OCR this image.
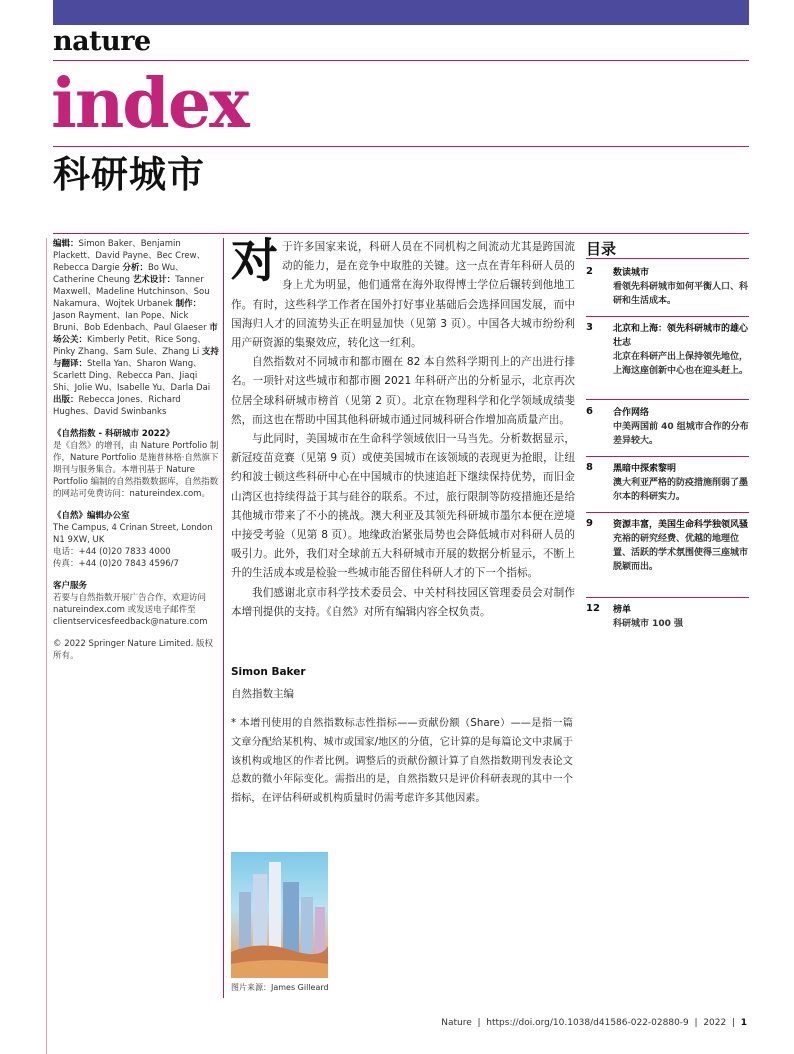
nature
index
科研城市

编辑：Simon Baker、Benjamin Plackett、David Payne、Bec Crew、Rebecca Dargie 分析：Bo Wu、Catherine Cheung 艺术设计：Tanner Maxwell、Madeline Hutchinson、Sou Nakamura、Wojtek Urbanek 制作：Jason Rayment、Ian Pope、Nick Bruni、Bob Edenbach、Paul Glaeser 市场公关：Kimberly Petit、Rice Song、Pinky Zhang、Sam Sule、Zhang Li 支持与翻译：Stella Yan、Sharon Wang、Scarlett Ding、Rebecca Pan、Jiaqi Shi、Jolie Wu、Isabelle Yu、Darla Dai 出版：Rebecca Jones、Richard Hughes、David Swinbanks

《自然指数 - 科研城市 2022》
是《自然》的增刊，由 Nature Portfolio 制作，Nature Portfolio 是施普林格·自然旗下期刊与服务集合。本增刊基于 Nature Portfolio 编制的自然指数数据库，自然指数的网站可免费访问：natureindex.com。

《自然》编辑办公室
The Campus, 4 Crinan Street, London
N1 9XW, UK
电话：+44 (0)20 7833 4000
传真：+44 (0)20 7843 4596/7

客户服务
若要与自然指数开展广告合作，欢迎访问 natureindex.com 或发送电子邮件至 clientservicesfeedback@nature.com

© 2022 Springer Nature Limited. 版权所有。

对于许多国家来说，科研人员在不同机构之间流动尤其是跨国流动的能力，是在竞争中取胜的关键。这一点在青年科研人员的身上尤为明显，他们通常在海外取得博士学位后辗转到他地工作。有时，这些科学工作者在国外打好事业基础后会选择回国发展，而中国海归人才的回流势头正在明显加快（见第 3 页）。中国各大城市纷纷利用产研资源的集聚效应，转化这一红利。

自然指数对不同城市和都市圈在 82 本自然科学期刊上的产出进行排名。一项针对这些城市和都市圈 2021 年科研产出的分析显示，北京再次位居全球科研城市榜首（见第 2 页）。北京在物理科学和化学领域成绩斐然，而这也在帮助中国其他科研城市通过同城科研合作增加高质量产出。

与此同时，美国城市在生命科学领域依旧一马当先。分析数据显示，新冠疫苗竞赛（见第 9 页）或使美国城市在该领域的表现更为抢眼，让纽约和波士顿这些科研中心在中国城市的快速追赶下继续保持优势，而旧金山湾区也持续得益于其与硅谷的联系。不过，旅行限制等防疫措施还是给其他城市带来了不小的挑战。澳大利亚及其领先科研城市墨尔本便在逆境中接受考验（见第 8 页）。地缘政治紧张局势也会降低城市对科研人员的吸引力。此外，我们对全球前五大科研城市开展的数据分析显示，不断上升的生活成本或是检验一些城市能否留住科研人才的下一个指标。

我们感谢北京市科学技术委员会、中关村科技园区管理委员会对制作本增刊提供的支持。《自然》对所有编辑内容全权负责。

Simon Baker
自然指数主编
* 本增刊使用的自然指数标志性指标——贡献份额（Share）——是指一篇文章分配给某机构、城市或国家/地区的分值，它计算的是每篇论文中隶属于该机构或地区的作者比例。调整后的贡献份额计算了自然指数期刊发表论文总数的微小年际变化。需指出的是，自然指数只是评价科研表现的其中一个指标，在评估科研或机构质量时仍需考虑许多其他因素。
图片来源：James Gilleard
目录
2 数读城市
看领先科研城市如何平衡人口、科研和生活成本。
3 北京和上海：领先科研城市的雄心壮志
北京在科研产出上保持领先地位，上海这座创新中心也在迎头赶上。
6 合作网络
中美两国前 40 组城市合作的分布差异较大。
8 黑暗中探索黎明
澳大利亚严格的防疫措施削弱了墨尔本的科研实力。
9 资源丰富，美国生命科学独领风骚
充裕的研究经费、优越的地理位置、活跃的学术氛围使得三座城市脱颖而出。
12 榜单
科研城市 100 强
Nature  |  https://doi.org/10.1038/d41586-022-02880-9  |  2022  |  1
